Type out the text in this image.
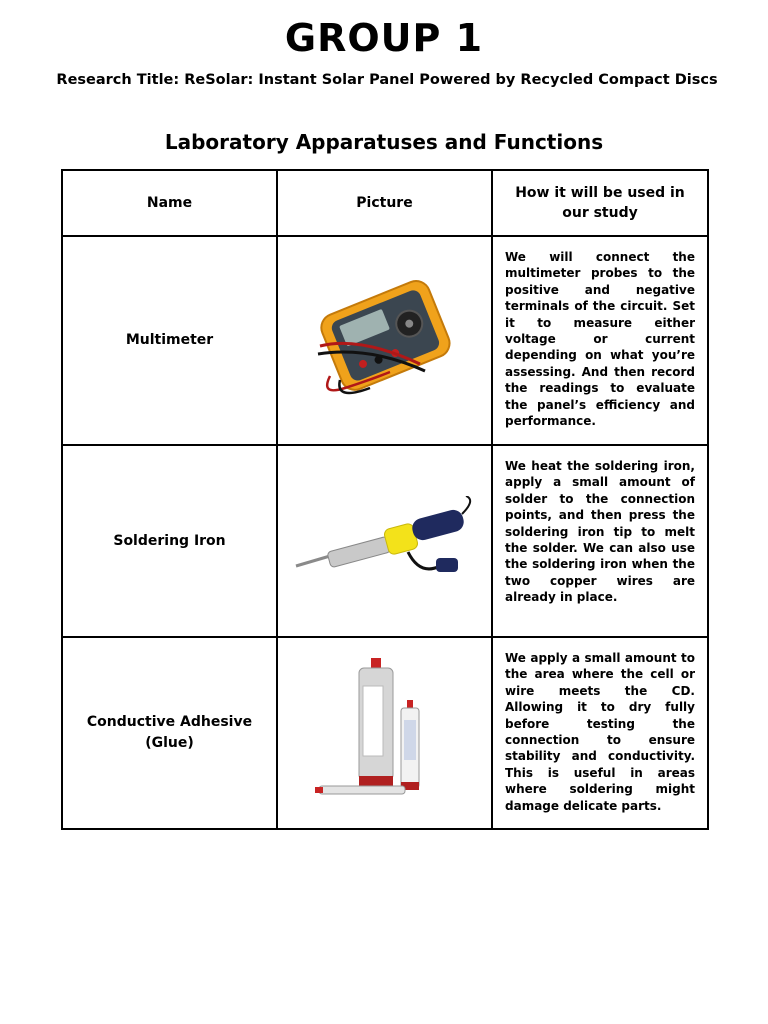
GROUP 1
Research Title: ReSolar: Instant Solar Panel Powered by Recycled Compact Discs
Laboratory Apparatuses and Functions
Name	Picture	How it will be used in our study
Multimeter		We will connect the multimeter probes to the positive and negative terminals of the circuit. Set it to measure either voltage or current depending on what you’re assessing. And then record the readings to evaluate the panel’s efficiency and performance.
Soldering Iron		We heat the soldering iron, apply a small amount of solder to the connection points, and then press the soldering iron tip to melt the solder. We can also use the soldering iron when the two copper wires are already in place.
Conductive Adhesive (Glue)		We apply a small amount to the area where the cell or wire meets the CD. Allowing it to dry fully before testing the connection to ensure stability and conductivity. This is useful in areas where soldering might damage delicate parts.
